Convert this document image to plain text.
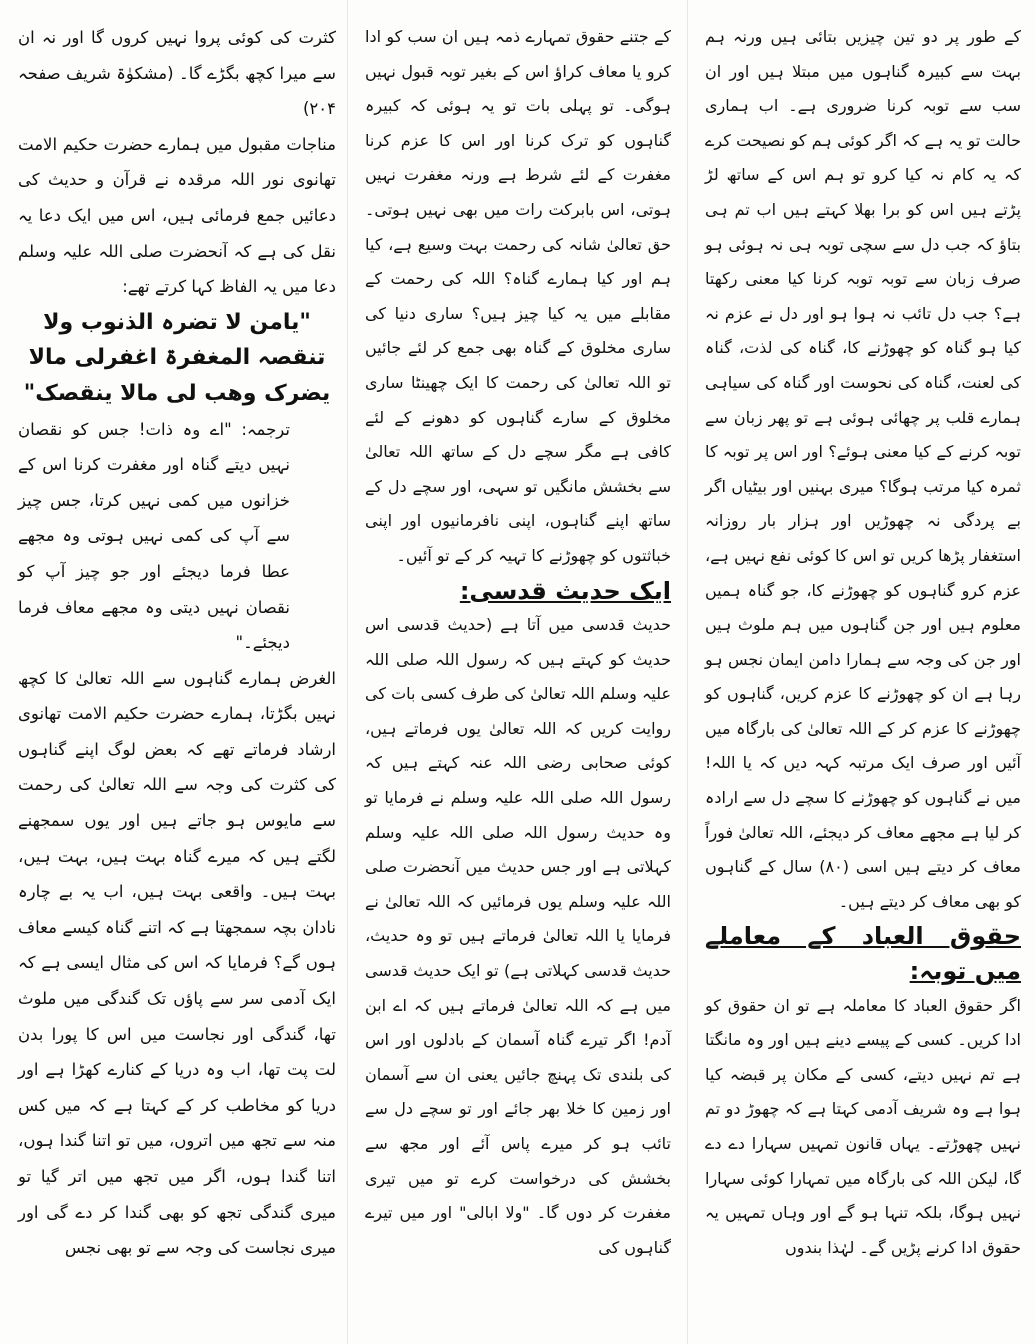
کے طور پر دو تین چیزیں بتائی ہیں ورنہ ہم بہت سے کبیرہ گناہوں میں مبتلا ہیں اور ان سب سے توبہ کرنا ضروری ہے۔ اب ہماری حالت تو یہ ہے کہ اگر کوئی ہم کو نصیحت کرے کہ یہ کام نہ کیا کرو تو ہم اس کے ساتھ لڑ پڑتے ہیں اس کو برا بھلا کہتے ہیں اب تم ہی بتاؤ کہ جب دل سے سچی توبہ ہی نہ ہوئی ہو صرف زبان سے توبہ توبہ کرنا کیا معنی رکھتا ہے؟ جب دل تائب نہ ہوا ہو اور دل نے عزم نہ کیا ہو گناہ کو چھوڑنے کا، گناہ کی لذت، گناہ کی لعنت، گناہ کی نحوست اور گناہ کی سیاہی ہمارے قلب پر چھائی ہوئی ہے تو پھر زبان سے توبہ کرنے کے کیا معنی ہوئے؟ اور اس پر توبہ کا ثمرہ کیا مرتب ہوگا؟ میری بہنیں اور بیٹیاں اگر بے پردگی نہ چھوڑیں اور ہزار بار روزانہ استغفار پڑھا کریں تو اس کا کوئی نفع نہیں ہے، عزم کرو گناہوں کو چھوڑنے کا، جو گناہ ہمیں معلوم ہیں اور جن گناہوں میں ہم ملوث ہیں اور جن کی وجہ سے ہمارا دامن ایمان نجس ہو رہا ہے ان کو چھوڑنے کا عزم کریں، گناہوں کو چھوڑنے کا عزم کر کے اللہ تعالیٰ کی بارگاہ میں آئیں اور صرف ایک مرتبہ کہہ دیں کہ یا اللہ! میں نے گناہوں کو چھوڑنے کا سچے دل سے ارادہ کر لیا ہے مجھے معاف کر دیجئے، اللہ تعالیٰ فوراً معاف کر دیتے ہیں اسی (۸۰) سال کے گناہوں کو بھی معاف کر دیتے ہیں۔

حقوق العباد کے معاملے میں توبہ:

اگر حقوق العباد کا معاملہ ہے تو ان حقوق کو ادا کریں۔ کسی کے پیسے دینے ہیں اور وہ مانگتا ہے تم نہیں دیتے، کسی کے مکان پر قبضہ کیا ہوا ہے وہ شریف آدمی کہتا ہے کہ چھوڑ دو تم نہیں چھوڑتے۔ یہاں قانون تمہیں سہارا دے دے گا، لیکن اللہ کی بارگاہ میں تمہارا کوئی سہارا نہیں ہوگا، بلکہ تنہا ہو گے اور وہاں تمہیں یہ حقوق ادا کرنے پڑیں گے۔ لہٰذا بندوں

کے جتنے حقوق تمہارے ذمہ ہیں ان سب کو ادا کرو یا معاف کراؤ اس کے بغیر توبہ قبول نہیں ہوگی۔ تو پہلی بات تو یہ ہوئی کہ کبیرہ گناہوں کو ترک کرنا اور اس کا عزم کرنا مغفرت کے لئے شرط ہے ورنہ مغفرت نہیں ہوتی، اس بابرکت رات میں بھی نہیں ہوتی۔ حق تعالیٰ شانہ کی رحمت بہت وسیع ہے، کیا ہم اور کیا ہمارے گناہ؟ اللہ کی رحمت کے مقابلے میں یہ کیا چیز ہیں؟ ساری دنیا کی ساری مخلوق کے گناہ بھی جمع کر لئے جائیں تو اللہ تعالیٰ کی رحمت کا ایک چھینٹا ساری مخلوق کے سارے گناہوں کو دھونے کے لئے کافی ہے مگر سچے دل کے ساتھ اللہ تعالیٰ سے بخشش مانگیں تو سہی، اور سچے دل کے ساتھ اپنے گناہوں، اپنی نافرمانیوں اور اپنی خباثتوں کو چھوڑنے کا تہیہ کر کے تو آئیں۔

ایک حدیث قدسی:

حدیث قدسی میں آتا ہے (حدیث قدسی اس حدیث کو کہتے ہیں کہ رسول اللہ صلی اللہ علیہ وسلم اللہ تعالیٰ کی طرف کسی بات کی روایت کریں کہ اللہ تعالیٰ یوں فرماتے ہیں، کوئی صحابی رضی اللہ عنہ کہتے ہیں کہ رسول اللہ صلی اللہ علیہ وسلم نے فرمایا تو وہ حدیث رسول اللہ صلی اللہ علیہ وسلم کہلاتی ہے اور جس حدیث میں آنحضرت صلی اللہ علیہ وسلم یوں فرمائیں کہ اللہ تعالیٰ نے فرمایا یا اللہ تعالیٰ فرماتے ہیں تو وہ حدیث، حدیث قدسی کہلاتی ہے) تو ایک حدیث قدسی میں ہے کہ اللہ تعالیٰ فرماتے ہیں کہ اے ابن آدم! اگر تیرے گناہ آسمان کے بادلوں اور اس کی بلندی تک پہنچ جائیں یعنی ان سے آسمان اور زمین کا خلا بھر جائے اور تو سچے دل سے تائب ہو کر میرے پاس آئے اور مجھ سے بخشش کی درخواست کرے تو میں تیری مغفرت کر دوں گا۔ "ولا ابالی" اور میں تیرے گناہوں کی

کثرت کی کوئی پروا نہیں کروں گا اور نہ ان سے میرا کچھ بگڑے گا۔ (مشکوٰۃ شریف صفحہ ۲۰۴)

مناجات مقبول میں ہمارے حضرت حکیم الامت تھانوی نور اللہ مرقدہ نے قرآن و حدیث کی دعائیں جمع فرمائی ہیں، اس میں ایک دعا یہ نقل کی ہے کہ آنحضرت صلی اللہ علیہ وسلم دعا میں یہ الفاظ کہا کرتے تھے:

"یامن لا تضرہ الذنوب ولا تنقصہ المغفرۃ اغفرلی مالا یضرک وھب لی مالا ینقصک"

ترجمہ: "اے وہ ذات! جس کو نقصان نہیں دیتے گناہ اور مغفرت کرنا اس کے خزانوں میں کمی نہیں کرتا، جس چیز سے آپ کی کمی نہیں ہوتی وہ مجھے عطا فرما دیجئے اور جو چیز آپ کو نقصان نہیں دیتی وہ مجھے معاف فرما دیجئے۔"

الغرض ہمارے گناہوں سے اللہ تعالیٰ کا کچھ نہیں بگڑتا، ہمارے حضرت حکیم الامت تھانوی ارشاد فرماتے تھے کہ بعض لوگ اپنے گناہوں کی کثرت کی وجہ سے اللہ تعالیٰ کی رحمت سے مایوس ہو جاتے ہیں اور یوں سمجھنے لگتے ہیں کہ میرے گناہ بہت ہیں، بہت ہیں، بہت ہیں۔ واقعی بہت ہیں، اب یہ بے چارہ نادان بچہ سمجھتا ہے کہ اتنے گناہ کیسے معاف ہوں گے؟ فرمایا کہ اس کی مثال ایسی ہے کہ ایک آدمی سر سے پاؤں تک گندگی میں ملوث تھا، گندگی اور نجاست میں اس کا پورا بدن لت پت تھا، اب وہ دریا کے کنارے کھڑا ہے اور دریا کو مخاطب کر کے کہتا ہے کہ میں کس منہ سے تجھ میں اتروں، میں تو اتنا گندا ہوں، اتنا گندا ہوں، اگر میں تجھ میں اتر گیا تو میری گندگی تجھ کو بھی گندا کر دے گی اور میری نجاست کی وجہ سے تو بھی نجس
